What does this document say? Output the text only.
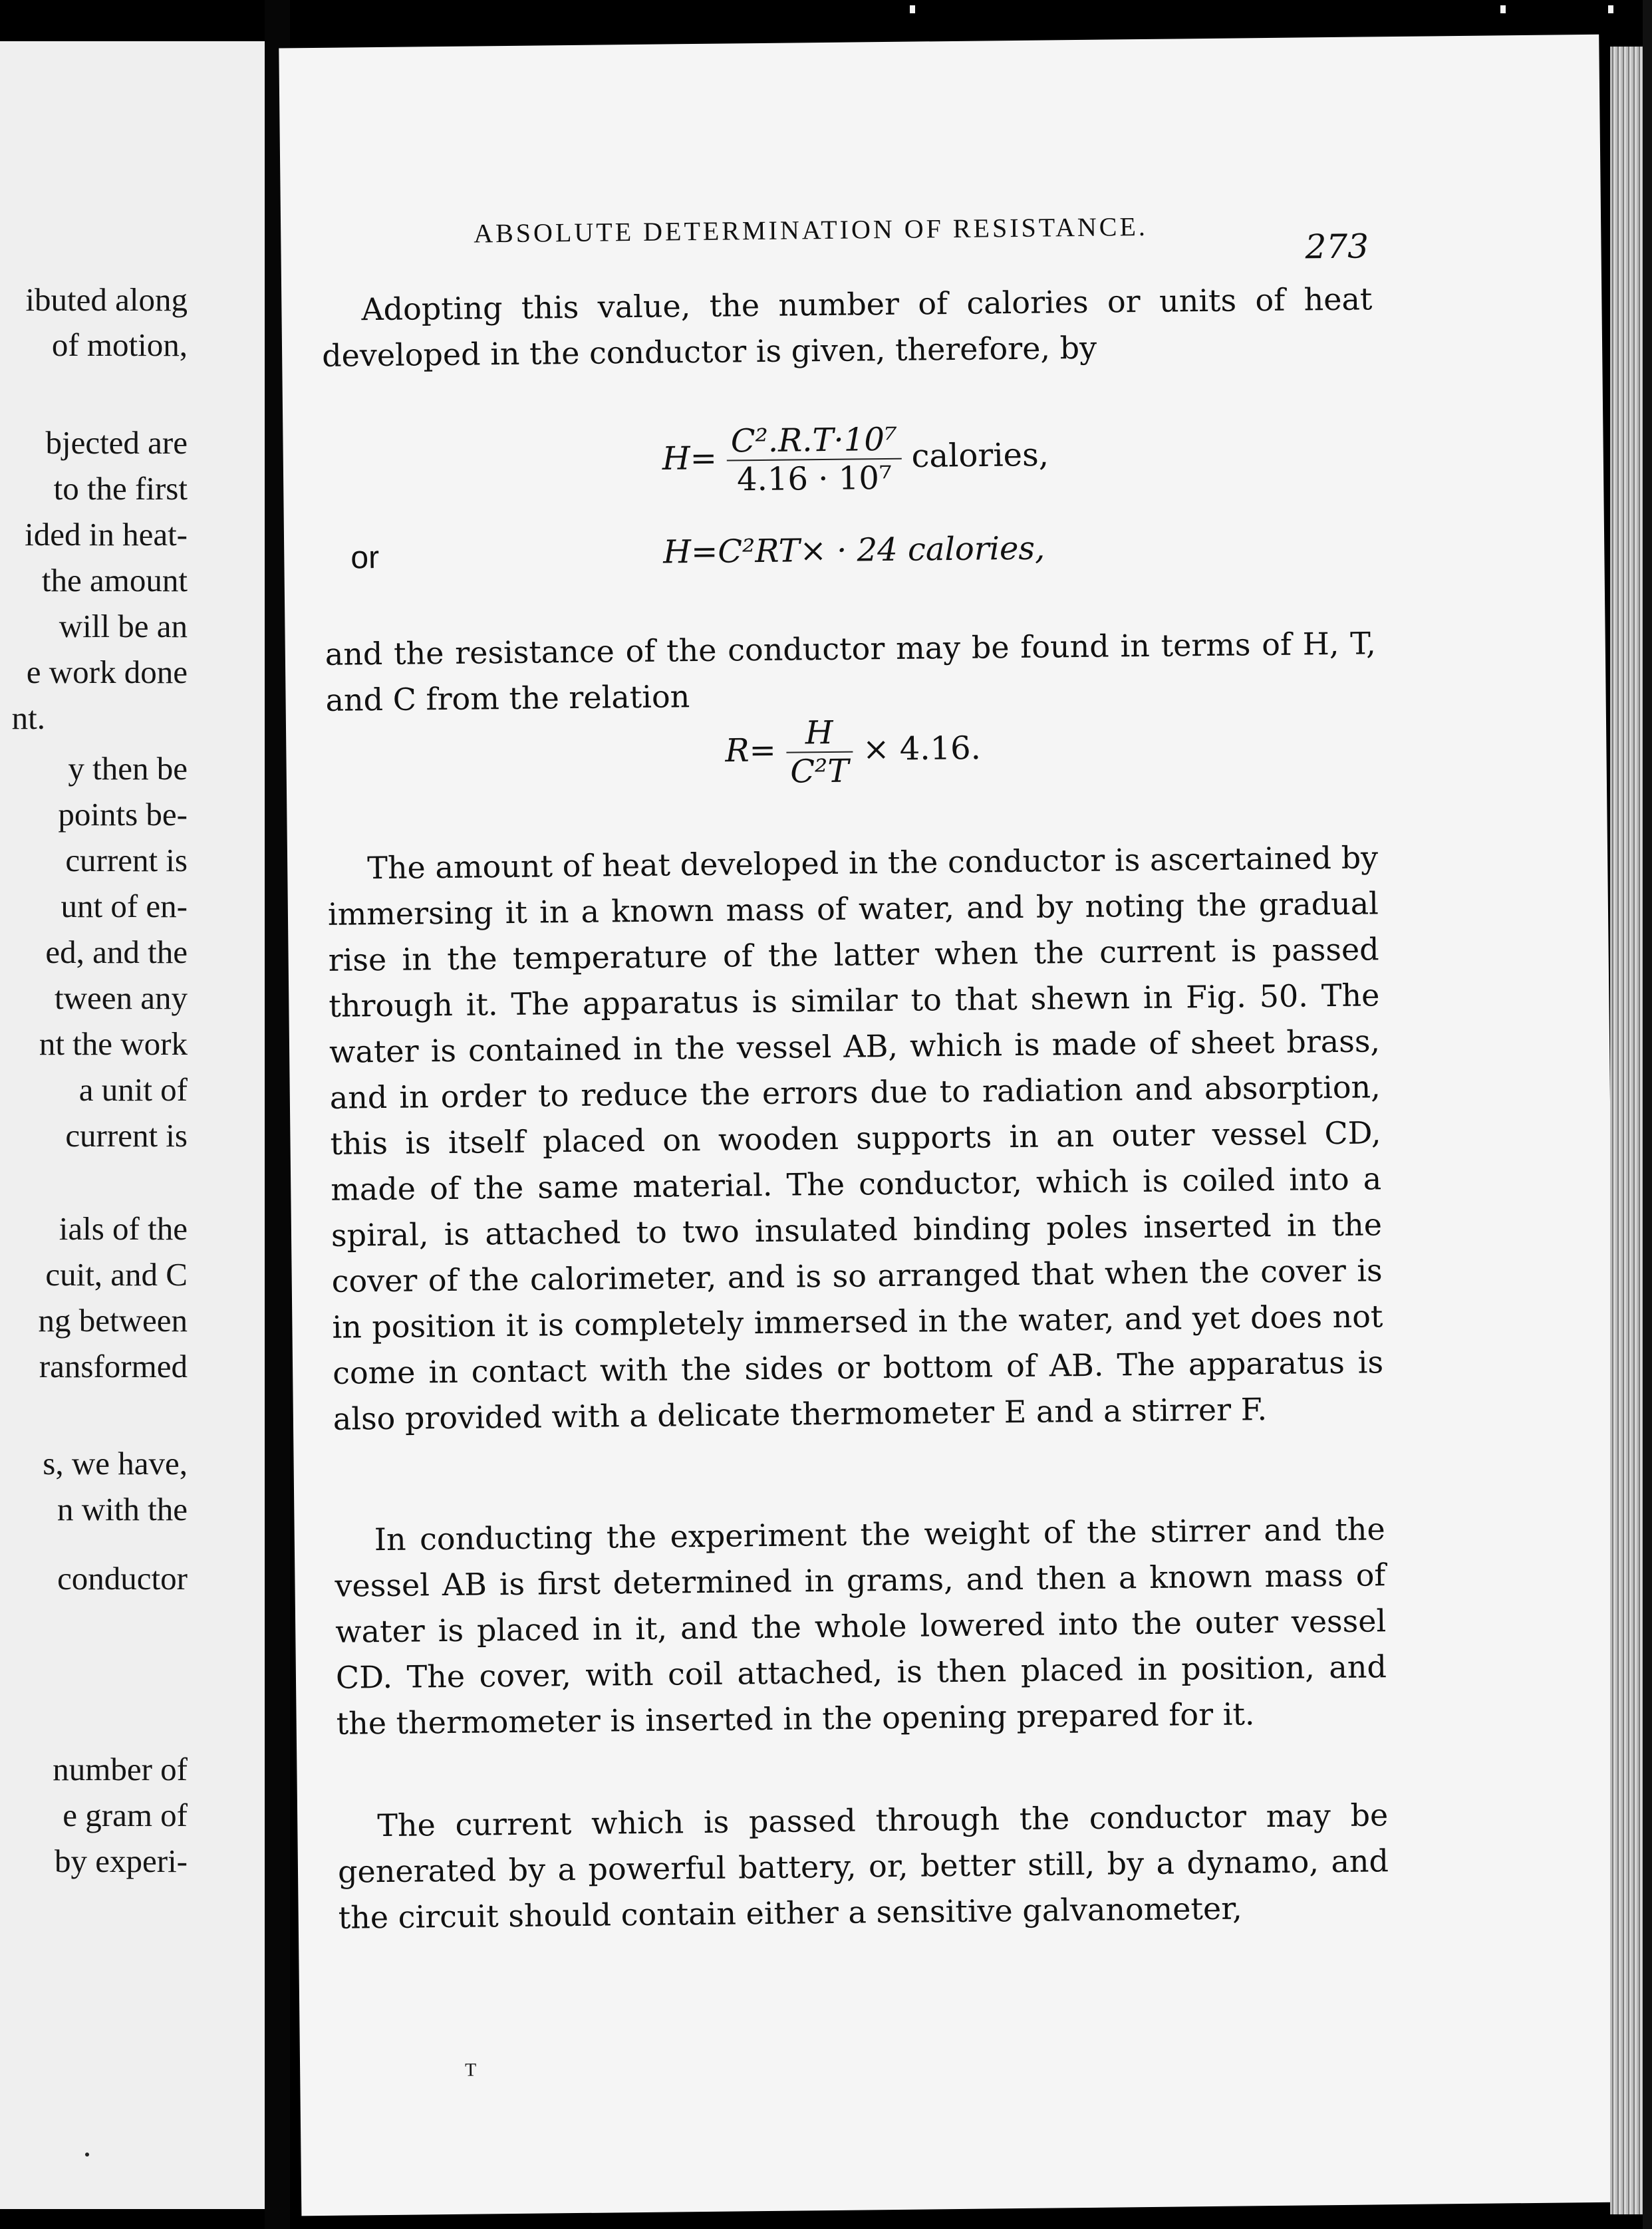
ibuted along
of motion,
bjected are
to the first
ided in heat-
the amount
will be an
e work done
nt.
y then be
points be-
current is
unt of en-
ed, and the
tween any
nt the work
a unit of
current is
ials of the
cuit, and C
ng between
ransformed
s, we have,
n with the
conductor
number of
e gram of
by experi-
ABSOLUTE DETERMINATION OF RESISTANCE.	273
Adopting this value, the number of calories or units of heat developed in the conductor is given, therefore, by
$H= \frac{\text{C².R.T·10⁷}}{\text{4.16 · 10⁷}}$ calories,
or	H=C²RT× · 24 calories,
and the resistance of the conductor may be found in terms of H, T, and C from the relation
$R= \frac{H}{\text{C²T}} \times 4.16$.
The amount of heat developed in the conductor is ascertained by immersing it in a known mass of water, and by noting the gradual rise in the temperature of the latter when the current is passed through it. The apparatus is similar to that shewn in Fig. 50. The water is contained in the vessel AB, which is made of sheet brass, and in order to reduce the errors due to radiation and absorption, this is itself placed on wooden supports in an outer vessel CD, made of the same material. The conductor, which is coiled into a spiral, is attached to two insulated binding poles inserted in the cover of the calorimeter, and is so arranged that when the cover is in position it is completely immersed in the water, and yet does not come in contact with the sides or bottom of AB. The apparatus is also provided with a delicate thermometer E and a stirrer F.
In conducting the experiment the weight of the stirrer and the vessel AB is first determined in grams, and then a known mass of water is placed in it, and the whole lowered into the outer vessel CD. The cover, with coil attached, is then placed in position, and the thermometer is inserted in the opening prepared for it.
The current which is passed through the conductor may be generated by a powerful battery, or, better still, by a dynamo, and the circuit should contain either a sensitive galvanometer,
T
